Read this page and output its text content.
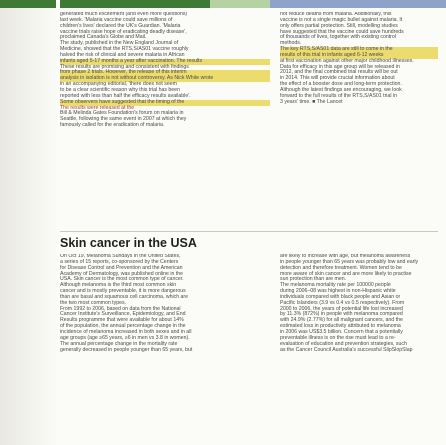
generated much excitement (and even more questions)

last week. 'Malaria vaccine could save millions of

children's lives' declared the UK's Guardian. 'Malaria

vaccine trials raise hope of eradicating deadly disease',

proclaimed Canada's Globe and Mail.

The study, published in the New England Journal of

Medicine, showed that the RTS,S/AS01 vaccine roughly

halved the risk of clinical and severe malaria in African

infants aged 5-17 months a year after vaccination. The results

These results are promising and consistent with findings

from phase 2 trials. However, the release of this interim

analysis in isolation is not without controversy. As Nick White wrote

in an accompanying editorial, 'there does not seem

to be a clear scientific reason why this trial has been

reported with less than half the efficacy results available'.

Some observers have suggested that the timing of the

The results were released at the

Bill & Melinda Gates Foundation's forum on malaria in

Seattle, following the same event in 2007 at which they

famously called for the eradication of malaria.

not reduce deaths from malaria. Additionally, this

vaccine is not a single magic bullet against malaria. It

only offers partial protection. Still, modelling studies

have suggested that the vaccine could save hundreds

of thousands of lives, together with existing control

methods.

The key RTS,S/AS01 data are still to come in the

results of this trial in infants aged 6-12 weeks

at first vaccination against other major childhood illnesses.

Data for efficacy in this age group will be released in

2012, and the final combined trial results will be out

in 2014. This will provide crucial information about

the effect of a booster dose and long-term protection.

Although the latest findings are encouraging, we look

forward to the full results of the RTS,S/AS01 trial in

3 years' time. ■ The Lancet

Skin cancer in the USA

On Oct 19, Melanoma Sundays in the United States,

a series of 15 reports, co-sponsored by the Centers

for Disease Control and Prevention and the American

Academy of Dermatology, was published online in the

USA. Skin cancer is the most common type of cancer.

Although melanoma is the third most common skin

cancer and is mostly preventable, it is more dangerous

than are basal and squamous cell carcinoma, which are

the two most common types.

From 1992 to 2006, based on data from the National

Cancer Institute's Surveillance, Epidemiology, and End

Results programme that were available for about 14%

of the population, the annual percentage change in the

incidence of melanoma increased in both sexes and in all

age groups (age ≥65 years, ≥6 in men vs 3.8 in women).

The annual percentage change in the mortality rate

generally decreased in people younger than 65 years, but

are likely to increase with age, but melanoma awareness

in people younger than 65 years was probably low and early

detection and therefore treatment. Women tend to be

more aware of skin cancer and are more likely to practise

sun protection than are men.

The melanoma mortality rate per 100000 people

during 2006–08 was highest in non-Hispanic white

individuals compared with black people and Asian or

Pacific Islanders (3.9 vs 0.4 vs 0.5 respectively). From

2000 to 2006, the years of potential life lost increased

by 11.3% (872%) in people with melanoma compared

with 24.9% (2.77%) for all malignant cancers, and the

estimated loss in productivity attributed to melanoma

in 2006 was US$3.5 billion. Concern that a potentially

preventable illness is on the rise must lead to a re-

evaluation of education and prevention strategies, such

as the Cancer Council Australia's successful SlipSlopSlap
